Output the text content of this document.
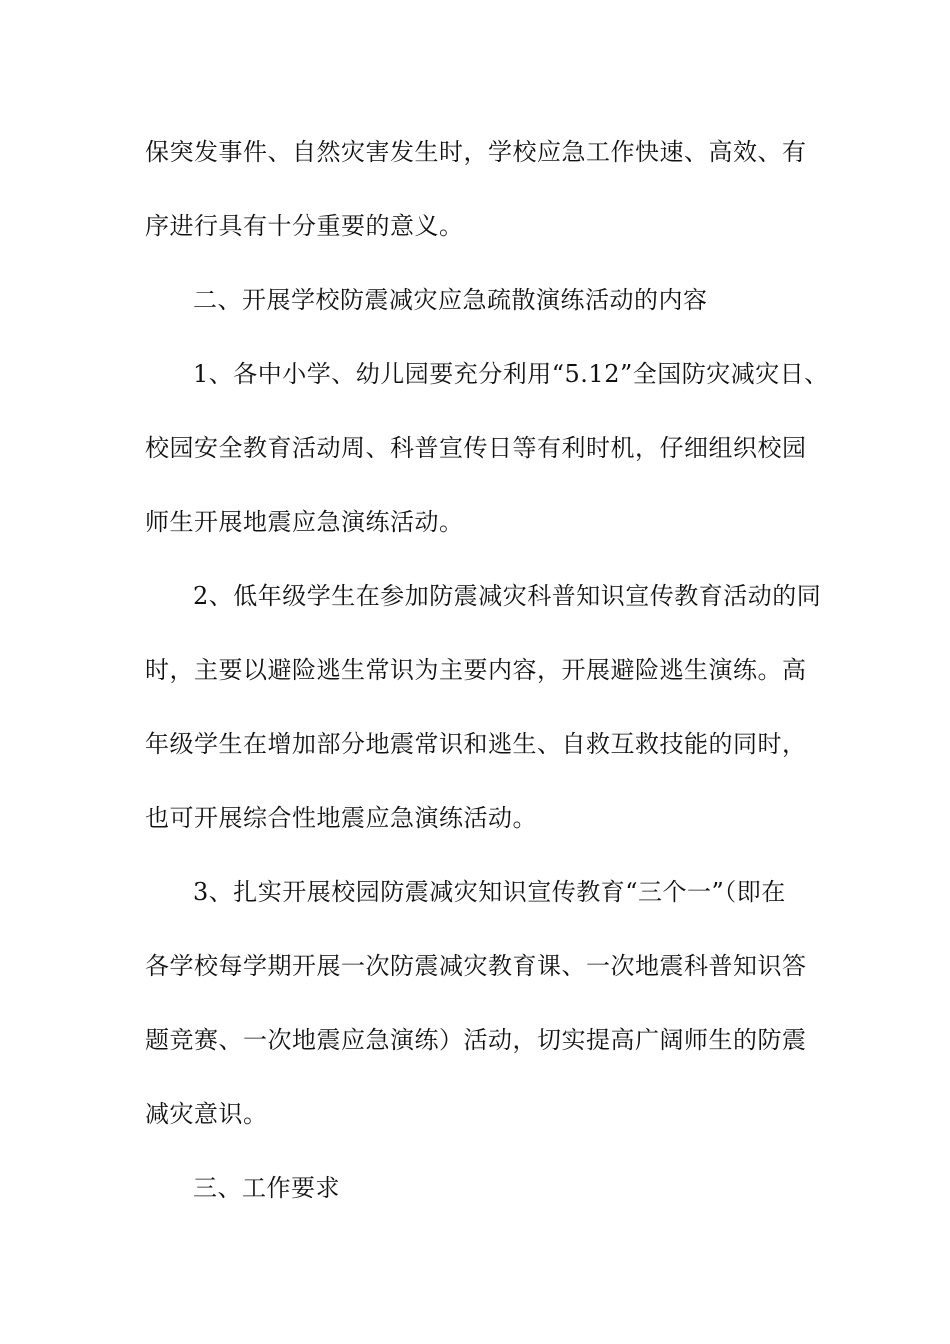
保突发事件、自然灾害发生时，学校应急工作快速、高效、有
序进行具有十分重要的意义。
二、开展学校防震减灾应急疏散演练活动的内容
1、各中小学、幼儿园要充分利用“5.12”全国防灾减灾日、
校园安全教育活动周、科普宣传日等有利时机，仔细组织校园
师生开展地震应急演练活动。
2、低年级学生在参加防震减灾科普知识宣传教育活动的同
时，主要以避险逃生常识为主要内容，开展避险逃生演练。高
年级学生在增加部分地震常识和逃生、自救互救技能的同时，
也可开展综合性地震应急演练活动。
3、扎实开展校园防震减灾知识宣传教育“三个一”（即在
各学校每学期开展一次防震减灾教育课、一次地震科普知识答
题竞赛、一次地震应急演练）活动，切实提高广阔师生的防震
减灾意识。
三、工作要求
